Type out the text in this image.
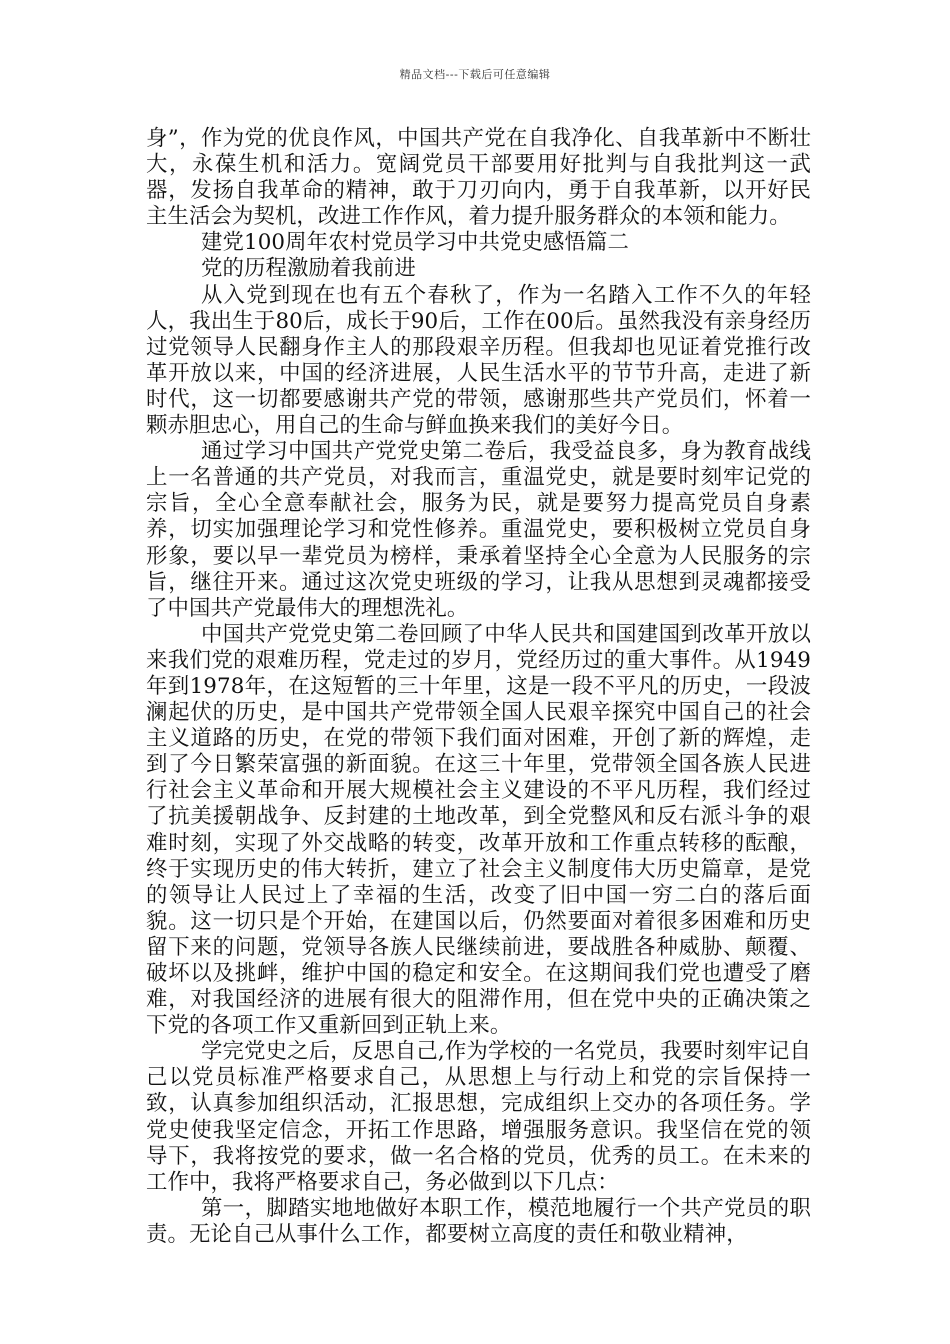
精品文档---下载后可任意编辑

身”，作为党的优良作风，中国共产党在自我净化、自我革新中不断壮大，永葆生机和活力。宽阔党员干部要用好批判与自我批判这一武器，发扬自我革命的精神，敢于刀刃向内，勇于自我革新，以开好民主生活会为契机，改进工作作风，着力提升服务群众的本领和能力。

建党100周年农村党员学习中共党史感悟篇二

党的历程激励着我前进

从入党到现在也有五个春秋了，作为一名踏入工作不久的年轻人，我出生于80后，成长于90后，工作在00后。虽然我没有亲身经历过党领导人民翻身作主人的那段艰辛历程。但我却也见证着党推行改革开放以来，中国的经济进展，人民生活水平的节节升高，走进了新时代，这一切都要感谢共产党的带领，感谢那些共产党员们，怀着一颗赤胆忠心，用自己的生命与鲜血换来我们的美好今日。

通过学习中国共产党党史第二卷后，我受益良多，身为教育战线上一名普通的共产党员，对我而言，重温党史，就是要时刻牢记党的宗旨，全心全意奉献社会，服务为民，就是要努力提高党员自身素养，切实加强理论学习和党性修养。重温党史，要积极树立党员自身形象，要以早一辈党员为榜样，秉承着坚持全心全意为人民服务的宗旨，继往开来。通过这次党史班级的学习，让我从思想到灵魂都接受了中国共产党最伟大的理想洗礼。

中国共产党党史第二卷回顾了中华人民共和国建国到改革开放以来我们党的艰难历程，党走过的岁月，党经历过的重大事件。从1949年到1978年，在这短暂的三十年里，这是一段不平凡的历史，一段波澜起伏的历史，是中国共产党带领全国人民艰辛探究中国自己的社会主义道路的历史，在党的带领下我们面对困难，开创了新的辉煌，走到了今日繁荣富强的新面貌。在这三十年里，党带领全国各族人民进行社会主义革命和开展大规模社会主义建设的不平凡历程，我们经过了抗美援朝战争、反封建的土地改革，到全党整风和反右派斗争的艰难时刻，实现了外交战略的转变，改革开放和工作重点转移的酝酿，终于实现历史的伟大转折，建立了社会主义制度伟大历史篇章，是党的领导让人民过上了幸福的生活，改变了旧中国一穷二白的落后面貌。这一切只是个开始，在建国以后，仍然要面对着很多困难和历史留下来的问题，党领导各族人民继续前进，要战胜各种威胁、颠覆、破坏以及挑衅，维护中国的稳定和安全。在这期间我们党也遭受了磨难，对我国经济的进展有很大的阻滞作用，但在党中央的正确决策之下党的各项工作又重新回到正轨上来。

学完党史之后，反思自己,作为学校的一名党员，我要时刻牢记自己以党员标准严格要求自己，从思想上与行动上和党的宗旨保持一致，认真参加组织活动，汇报思想，完成组织上交办的各项任务。学党史使我坚定信念，开拓工作思路，增强服务意识。我坚信在党的领导下，我将按党的要求，做一名合格的党员，优秀的员工。在未来的工作中，我将严格要求自己，务必做到以下几点：

第一，脚踏实地地做好本职工作，模范地履行一个共产党员的职责。无论自己从事什么工作，都要树立高度的责任和敬业精神，
